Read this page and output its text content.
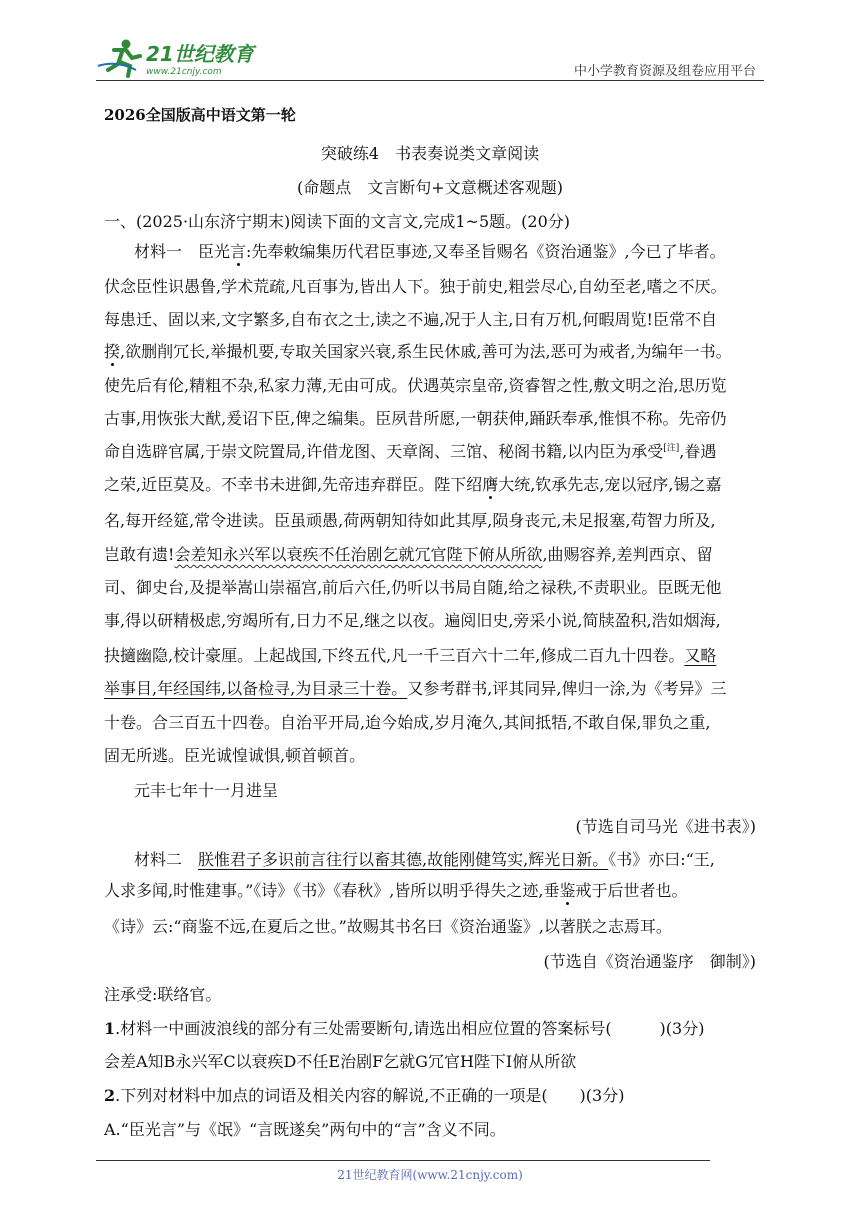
21世纪教育
www.21cnjy.com	中小学教育资源及组卷应用平台
2026全国版高中语文第一轮
突破练4　书表奏说类文章阅读
(命题点　文言断句+文意概述客观题)
一、(2025·山东济宁期末)阅读下面的文言文,完成1~5题。(20分)
材料一　臣光言:先奉敕编集历代君臣事迹,又奉圣旨赐名《资治通鉴》,今已了毕者。
伏念臣性识愚鲁,学术荒疏,凡百事为,皆出人下。独于前史,粗尝尽心,自幼至老,嗜之不厌。
每患迁、固以来,文字繁多,自布衣之士,读之不遍,况于人主,日有万机,何暇周览!臣常不自
揆,欲删削冗长,举撮机要,专取关国家兴衰,系生民休戚,善可为法,恶可为戒者,为编年一书。
使先后有伦,精粗不杂,私家力薄,无由可成。伏遇英宗皇帝,资睿智之性,敷文明之治,思历览
古事,用恢张大猷,爰诏下臣,俾之编集。臣夙昔所愿,一朝获伸,踊跃奉承,惟惧不称。先帝仍
命自选辟官属,于崇文院置局,许借龙图、天章阁、三馆、秘阁书籍,以内臣为承受[注],眷遇
之荣,近臣莫及。不幸书未进御,先帝违弃群臣。陛下绍膺大统,钦承先志,宠以冠序,锡之嘉
名,每开经筵,常令进读。臣虽顽愚,荷两朝知待如此其厚,陨身丧元,未足报塞,苟智力所及,
岂敢有遗!会差知永兴军以衰疾不任治剧乞就冗官陛下俯从所欲,曲赐容养,差判西京、留
司、御史台,及提举嵩山崇福宫,前后六任,仍听以书局自随,给之禄秩,不责职业。臣既无他
事,得以研精极虑,穷竭所有,日力不足,继之以夜。遍阅旧史,旁采小说,简牍盈积,浩如烟海,
抉擿幽隐,校计豪厘。上起战国,下终五代,凡一千三百六十二年,修成二百九十四卷。又略
举事目,年经国纬,以备检寻,为目录三十卷。又参考群书,评其同异,俾归一涂,为《考异》三
十卷。合三百五十四卷。自治平开局,迨今始成,岁月淹久,其间抵牾,不敢自保,罪负之重,
固无所逃。臣光诚惶诚惧,顿首顿首。
元丰七年十一月进呈
(节选自司马光《进书表》)
材料二　朕惟君子多识前言往行以畜其德,故能刚健笃实,辉光日新。《书》亦曰:“王,
人求多闻,时惟建事。”《诗》《书》《春秋》,皆所以明乎得失之迹,垂鉴戒于后世者也。
《诗》云:“商鉴不远,在夏后之世。”故赐其书名曰《资治通鉴》,以著朕之志焉耳。
(节选自《资治通鉴序　御制》)
注承受:联络官。
1.材料一中画波浪线的部分有三处需要断句,请选出相应位置的答案标号(　　　)(3分)
会差A知B永兴军C以衰疾D不任E治剧F乞就G冗官H陛下I俯从所欲
2.下列对材料中加点的词语及相关内容的解说,不正确的一项是(　　)(3分)
A.“臣光言”与《氓》“言既遂矣”两句中的“言”含义不同。
21世纪教育网(www.21cnjy.com)
